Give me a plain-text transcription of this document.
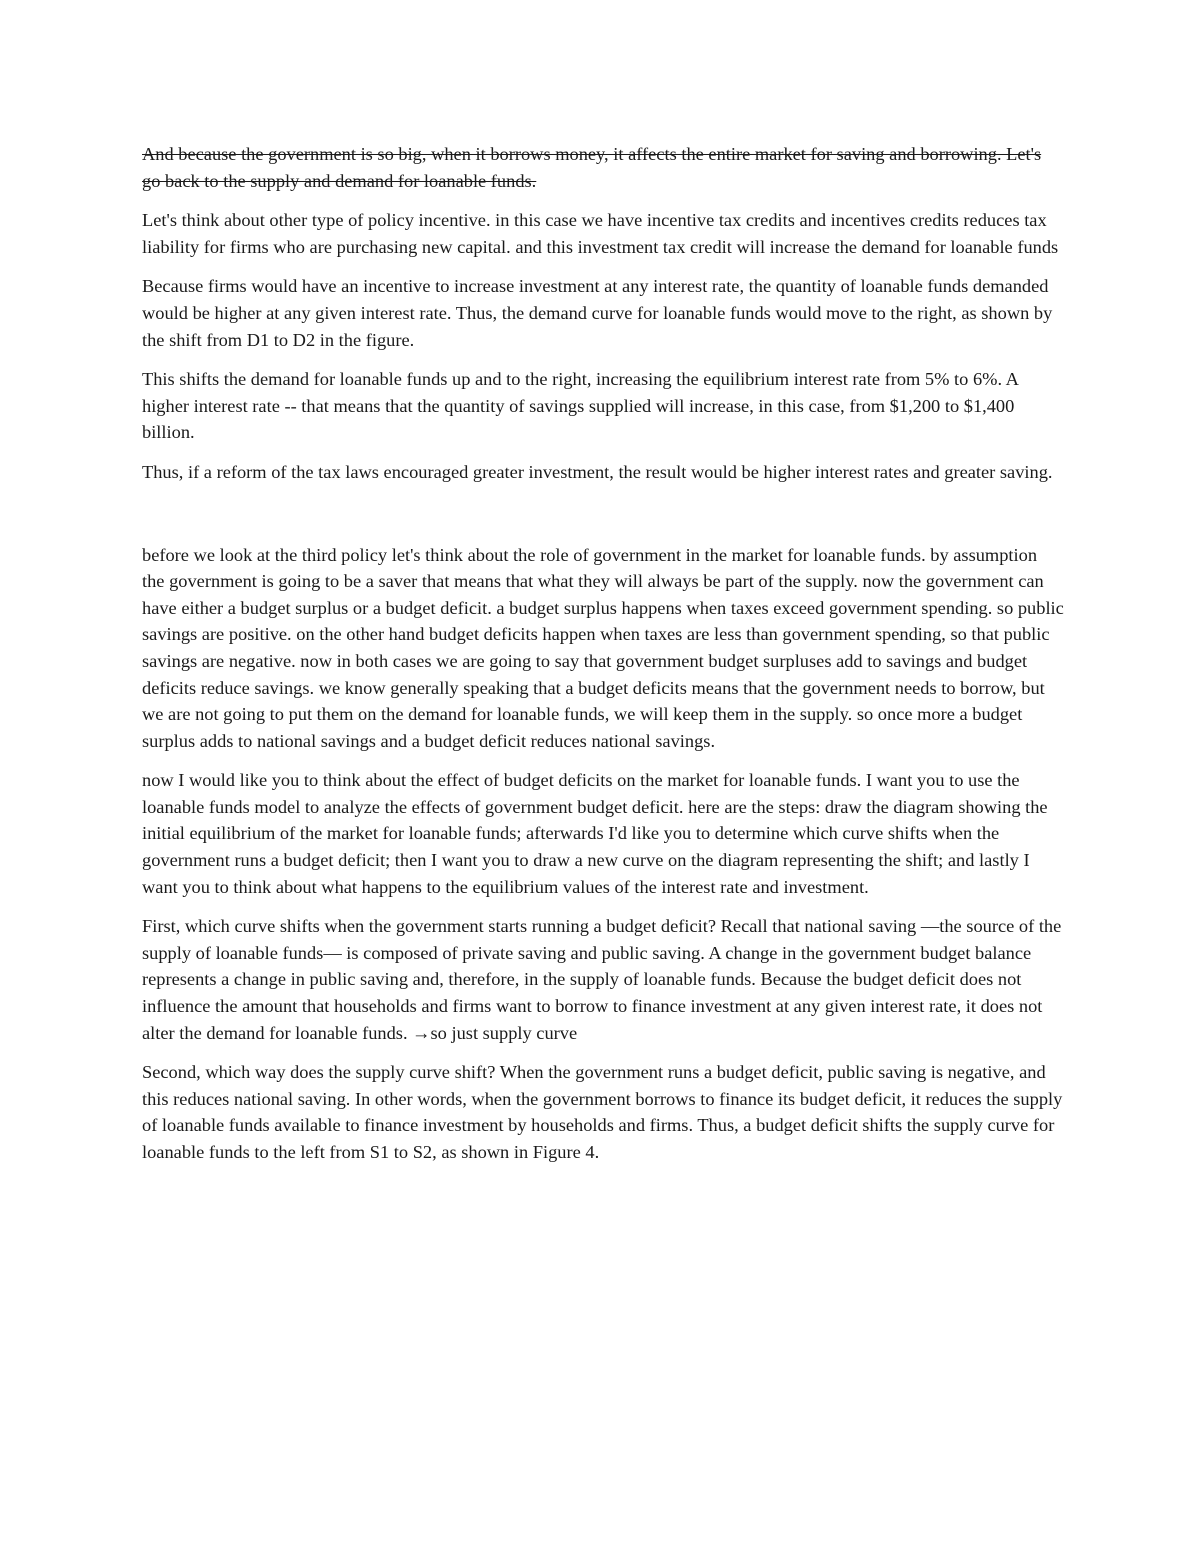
And because the government is so big, when it borrows money, it affects the entire market for saving and borrowing. Let's go back to the supply and demand for loanable funds.

Let's think about other type of policy incentive. in this case we have incentive tax credits and incentives credits reduces tax liability for firms who are purchasing new capital. and this investment tax credit will increase the demand for loanable funds

Because firms would have an incentive to increase investment at any interest rate, the quantity of loanable funds demanded would be higher at any given interest rate. Thus, the demand curve for loanable funds would move to the right, as shown by the shift from D1 to D2 in the figure.

This shifts the demand for loanable funds up and to the right, increasing the equilibrium interest rate from 5% to 6%. A higher interest rate -- that means that the quantity of savings supplied will increase, in this case, from $1,200 to $1,400 billion.

Thus, if a reform of the tax laws encouraged greater investment, the result would be higher interest rates and greater saving.

before we look at the third policy let's think about the role of government in the market for loanable funds. by assumption the government is going to be a saver that means that what they will always be part of the supply. now the government can have either a budget surplus or a budget deficit. a budget surplus happens when taxes exceed government spending. so public savings are positive. on the other hand budget deficits happen when taxes are less than government spending, so that public savings are negative. now in both cases we are going to say that government budget surpluses add to savings and budget deficits reduce savings. we know generally speaking that a budget deficits means that the government needs to borrow, but we are not going to put them on the demand for loanable funds, we will keep them in the supply. so once more a budget surplus adds to national savings and a budget deficit reduces national savings.

now I would like you to think about the effect of budget deficits on the market for loanable funds. I want you to use the loanable funds model to analyze the effects of government budget deficit. here are the steps: draw the diagram showing the initial equilibrium of the market for loanable funds; afterwards I'd like you to determine which curve shifts when the government runs a budget deficit; then I want you to draw a new curve on the diagram representing the shift; and lastly I want you to think about what happens to the equilibrium values of the interest rate and investment.

First, which curve shifts when the government starts running a budget deficit? Recall that national saving —the source of the supply of loanable funds— is composed of private saving and public saving. A change in the government budget balance represents a change in public saving and, therefore, in the supply of loanable funds. Because the budget deficit does not influence the amount that households and firms want to borrow to finance investment at any given interest rate, it does not alter the demand for loanable funds. →so just supply curve

Second, which way does the supply curve shift? When the government runs a budget deficit, public saving is negative, and this reduces national saving. In other words, when the government borrows to finance its budget deficit, it reduces the supply of loanable funds available to finance investment by households and firms. Thus, a budget deficit shifts the supply curve for loanable funds to the left from S1 to S2, as shown in Figure 4.
